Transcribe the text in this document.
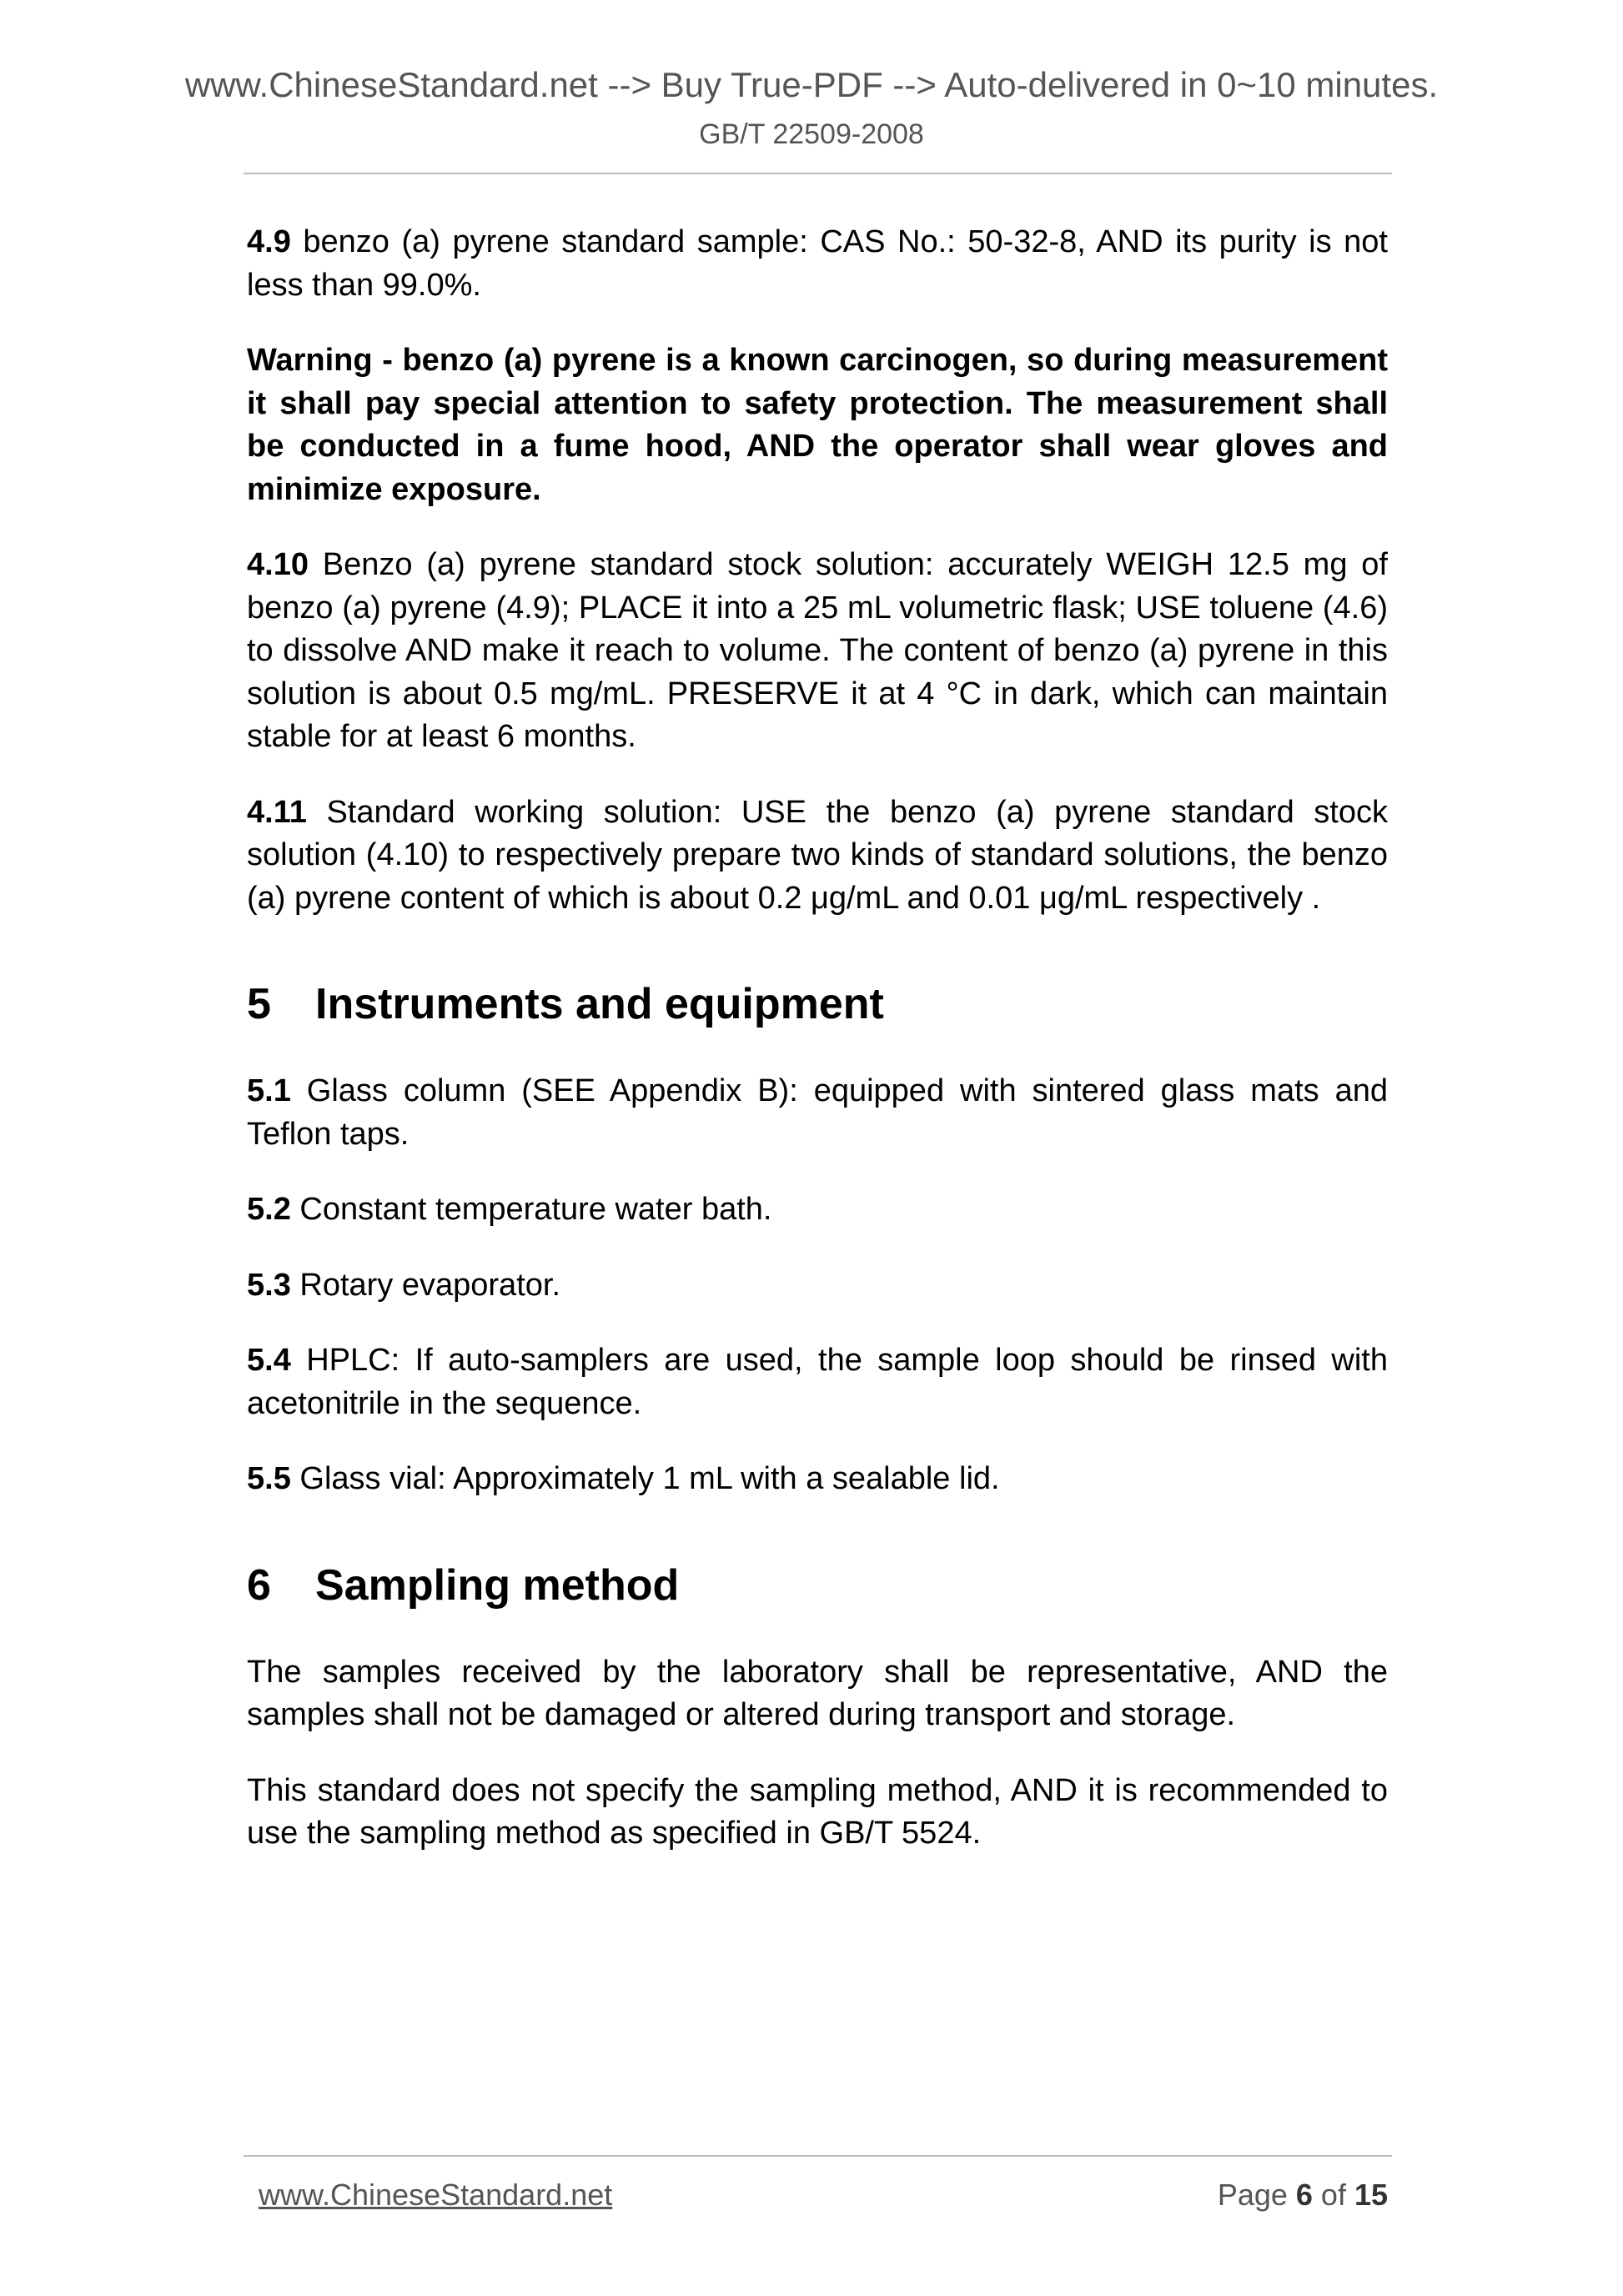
www.ChineseStandard.net --> Buy True-PDF --> Auto-delivered in 0~10 minutes.
GB/T 22509-2008

4.9 benzo (a) pyrene standard sample: CAS No.: 50-32-8, AND its purity is not less than 99.0%.

Warning - benzo (a) pyrene is a known carcinogen, so during measurement it shall pay special attention to safety protection. The measurement shall be conducted in a fume hood, AND the operator shall wear gloves and minimize exposure.

4.10 Benzo (a) pyrene standard stock solution: accurately WEIGH 12.5 mg of benzo (a) pyrene (4.9); PLACE it into a 25 mL volumetric flask; USE toluene (4.6) to dissolve AND make it reach to volume. The content of benzo (a) pyrene in this solution is about 0.5 mg/mL. PRESERVE it at 4 °C in dark, which can maintain stable for at least 6 months.

4.11 Standard working solution: USE the benzo (a) pyrene standard stock solution (4.10) to respectively prepare two kinds of standard solutions, the benzo (a) pyrene content of which is about 0.2 μg/mL and 0.01 μg/mL respectively .

5 Instruments and equipment

5.1 Glass column (SEE Appendix B): equipped with sintered glass mats and Teflon taps.

5.2 Constant temperature water bath.

5.3 Rotary evaporator.

5.4 HPLC: If auto-samplers are used, the sample loop should be rinsed with acetonitrile in the sequence.

5.5 Glass vial: Approximately 1 mL with a sealable lid.

6 Sampling method

The samples received by the laboratory shall be representative, AND the samples shall not be damaged or altered during transport and storage.

This standard does not specify the sampling method, AND it is recommended to use the sampling method as specified in GB/T 5524.

www.ChineseStandard.net	Page 6 of 15
